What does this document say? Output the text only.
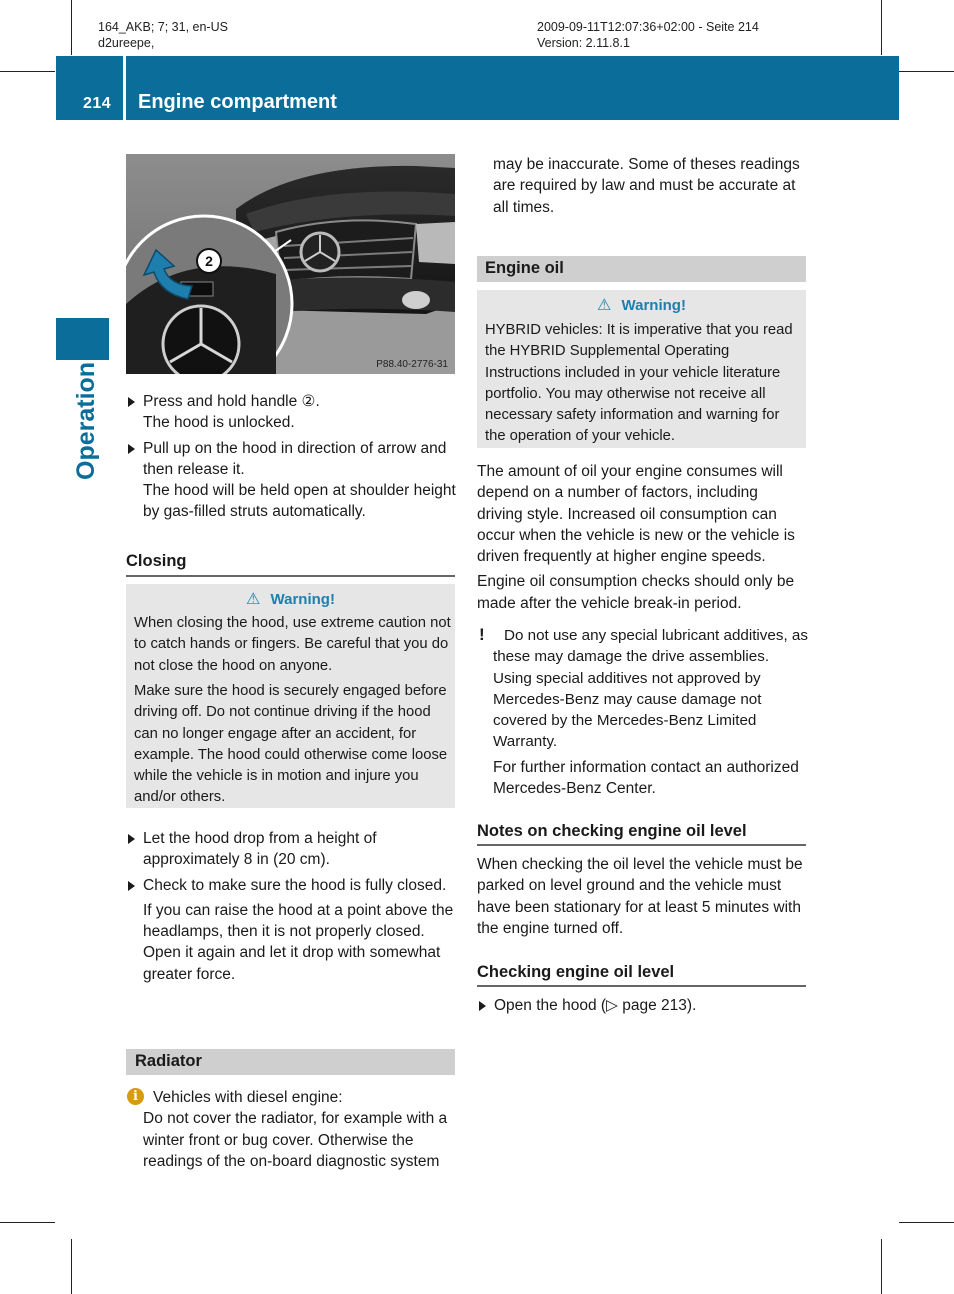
164_AKB; 7; 31, en-US
d2ureepe,
2009-09-11T12:07:36+02:00 - Seite 214
Version: 2.11.8.1
214 Engine compartment
Operation
2
P88.40-2776-31

Press and hold handle ②.

The hood is unlocked.

Pull up on the hood in direction of arrow and then release it.

The hood will be held open at shoulder height by gas-filled struts automatically.

Closing
⚠ Warning!

When closing the hood, use extreme caution not to catch hands or fingers. Be careful that you do not close the hood on anyone.

Make sure the hood is securely engaged before driving off. Do not continue driving if the hood can no longer engage after an accident, for example. The hood could otherwise come loose while the vehicle is in motion and injure you and/or others.

Let the hood drop from a height of approximately 8 in (20 cm).

Check to make sure the hood is fully closed.

If you can raise the hood at a point above the headlamps, then it is not properly closed. Open it again and let it drop with somewhat greater force.

Radiator
i Vehicles with diesel engine:

Do not cover the radiator, for example with a winter front or bug cover. Otherwise the readings of the on-board diagnostic system

may be inaccurate. Some of theses readings are required by law and must be accurate at all times.

Engine oil
⚠ Warning!

HYBRID vehicles: It is imperative that you read the HYBRID Supplemental Operating Instructions included in your vehicle literature portfolio. You may otherwise not receive all necessary safety information and warning for the operation of your vehicle.

The amount of oil your engine consumes will depend on a number of factors, including driving style. Increased oil consumption can occur when the vehicle is new or the vehicle is driven frequently at higher engine speeds.

Engine oil consumption checks should only be made after the vehicle break-in period.

!	Do not use any special lubricant additives, as these may damage the drive assemblies. Using special additives not approved by Mercedes-Benz may cause damage not covered by the Mercedes-Benz Limited Warranty.

For further information contact an authorized Mercedes-Benz Center.

Notes on checking engine oil level

When checking the oil level the vehicle must be parked on level ground and the vehicle must have been stationary for at least 5 minutes with the engine turned off.

Checking engine oil level

Open the hood (▷ page 213).
